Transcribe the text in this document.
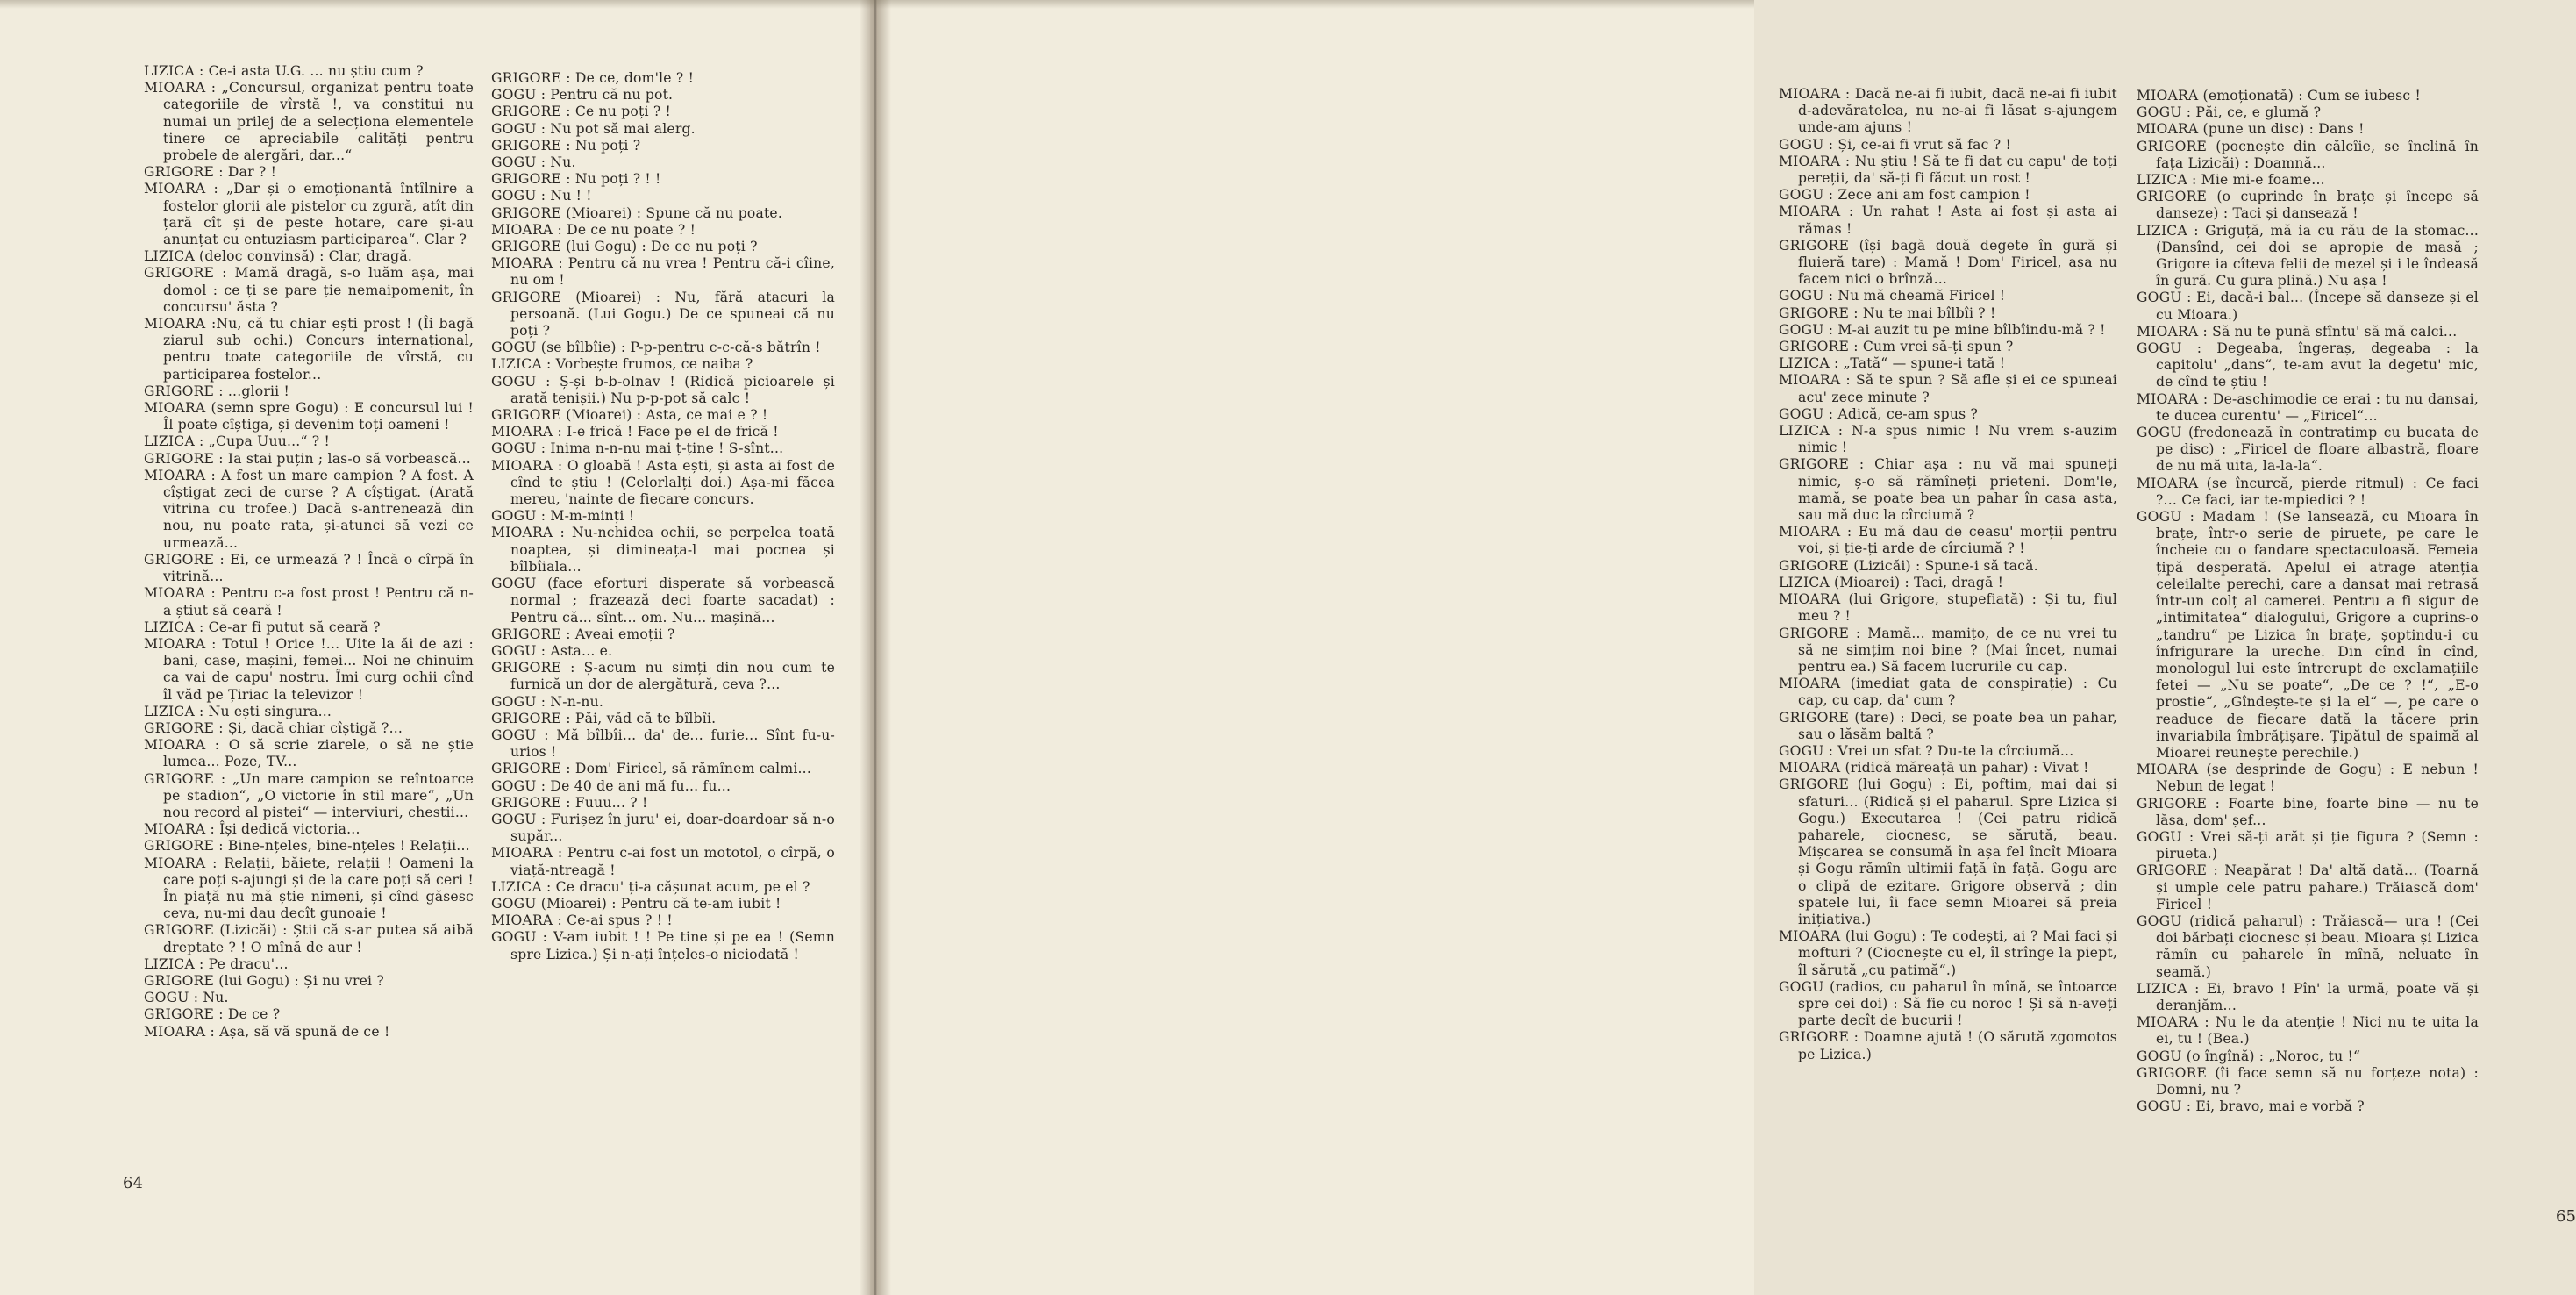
LIZICA : Ce-i asta U.G. ... nu știu cum ?

MIOARA : „Concursul, organizat pentru toate categoriile de vîrstă !, va constitui nu numai un prilej de a selecționa elementele tinere ce apreciabile calități pentru probele de alergări, dar...“

GRIGORE : Dar ? !

MIOARA : „Dar și o emoționantă întîlnire a fostelor glorii ale pistelor cu zgură, atît din țară cît și de peste hotare, care și-au anunțat cu entuziasm participarea“. Clar ?

LIZICA (deloc convinsă) : Clar, dragă.

GRIGORE : Mamă dragă, s-o luăm așa, mai domol : ce ți se pare ție nemaipomenit, în concursu' ăsta ?

MIOARA :Nu, că tu chiar ești prost ! (Îi bagă ziarul sub ochi.) Concurs internațional, pentru toate categoriile de vîrstă, cu participarea fostelor...

GRIGORE : ...glorii !

MIOARA (semn spre Gogu) : E concursul lui ! Îl poate cîștiga, și devenim toți oameni !

LIZICA : „Cupa Uuu...“ ? !

GRIGORE : Ia stai puțin ; las-o să vorbească...

MIOARA : A fost un mare campion ? A fost. A cîștigat zeci de curse ? A cîștigat. (Arată vitrina cu trofee.) Dacă s-antrenează din nou, nu poate rata, și-atunci să vezi ce urmează...

GRIGORE : Ei, ce urmează ? ! Încă o cîrpă în vitrină...

MIOARA : Pentru c-a fost prost ! Pentru că n-a știut să ceară !

LIZICA : Ce-ar fi putut să ceară ?

MIOARA : Totul ! Orice !... Uite la ăi de azi : bani, case, mașini, femei... Noi ne chinuim ca vai de capu' nostru. Îmi curg ochii cînd îl văd pe Țiriac la televizor !

LIZICA : Nu ești singura...

GRIGORE : Și, dacă chiar cîștigă ?...

MIOARA : O să scrie ziarele, o să ne știe lumea... Poze, TV...

GRIGORE : „Un mare campion se reîntoarce pe stadion“, „O victorie în stil mare“, „Un nou record al pistei“ — interviuri, chestii...

MIOARA : Își dedică victoria...

GRIGORE : Bine-nțeles, bine-nțeles ! Relații...

MIOARA : Relații, băiete, relații ! Oameni la care poți s-ajungi și de la care poți să ceri ! În piață nu mă știe nimeni, și cînd găsesc ceva, nu-mi dau decît gunoaie !

GRIGORE (Lizicăi) : Știi că s-ar putea să aibă dreptate ? ! O mînă de aur !

LIZICA : Pe dracu'...

GRIGORE (lui Gogu) : Și nu vrei ?

GOGU : Nu.

GRIGORE : De ce ?

MIOARA : Așa, să vă spună de ce !

GRIGORE : De ce, dom'le ? !

GOGU : Pentru că nu pot.

GRIGORE : Ce nu poți ? !

GOGU : Nu pot să mai alerg.

GRIGORE : Nu poți ?

GOGU : Nu.

GRIGORE : Nu poți ? ! !

GOGU : Nu ! !

GRIGORE (Mioarei) : Spune că nu poate.

MIOARA : De ce nu poate ? !

GRIGORE (lui Gogu) : De ce nu poți ?

MIOARA : Pentru că nu vrea ! Pentru că-i cîine, nu om !

GRIGORE (Mioarei) : Nu, fără atacuri la persoană. (Lui Gogu.) De ce spuneai că nu poți ?

GOGU (se bîlbîie) : P-p-pentru c-c-că-s bătrîn !

LIZICA : Vorbește frumos, ce naiba ?

GOGU : Ș-și b-b-olnav ! (Ridică picioarele și arată tenișii.) Nu p-p-pot să calc !

GRIGORE (Mioarei) : Asta, ce mai e ? !

MIOARA : I-e frică ! Face pe el de frică !

GOGU : Inima n-n-nu mai ț-ține ! S-sînt...

MIOARA : O gloabă ! Asta ești, și asta ai fost de cînd te știu ! (Celorlalți doi.) Așa-mi făcea mereu, 'nainte de fiecare concurs.

GOGU : M-m-minți !

MIOARA : Nu-nchidea ochii, se perpelea toată noaptea, și dimineața-l mai pocnea și bîlbîiala...

GOGU (face eforturi disperate să vorbească normal ; frazează deci foarte sacadat) : Pentru că... sînt... om. Nu... mașină...

GRIGORE : Aveai emoții ?

GOGU : Asta... e.

GRIGORE : Ș-acum nu simți din nou cum te furnică un dor de alergătură, ceva ?...

GOGU : N-n-nu.

GRIGORE : Păi, văd că te bîlbîi.

GOGU : Mă bîlbîi... da' de... furie... Sînt fu-u-urios !

GRIGORE : Dom' Firicel, să rămînem calmi...

GOGU : De 40 de ani mă fu... fu...

GRIGORE : Fuuu... ? !

GOGU : Furișez în juru' ei, doar-doardoar să n-o supăr...

MIOARA : Pentru c-ai fost un mototol, o cîrpă, o viață-ntreagă !

LIZICA : Ce dracu' ți-a cășunat acum, pe el ?

GOGU (Mioarei) : Pentru că te-am iubit !

MIOARA : Ce-ai spus ? ! !

GOGU : V-am iubit ! ! Pe tine și pe ea ! (Semn spre Lizica.) Și n-ați înțeles-o niciodată !

64

MIOARA : Dacă ne-ai fi iubit, dacă ne-ai fi iubit d-adevăratelea, nu ne-ai fi lăsat s-ajungem unde-am ajuns !

GOGU : Și, ce-ai fi vrut să fac ? !

MIOARA : Nu știu ! Să te fi dat cu capu' de toți pereții, da' să-ți fi făcut un rost !

GOGU : Zece ani am fost campion !

MIOARA : Un rahat ! Asta ai fost și asta ai rămas !

GRIGORE (își bagă două degete în gură și fluieră tare) : Mamă ! Dom' Firicel, așa nu facem nici o brînză...

GOGU : Nu mă cheamă Firicel !

GRIGORE : Nu te mai bîlbîi ? !

GOGU : M-ai auzit tu pe mine bîlbîindu-mă ? !

GRIGORE : Cum vrei să-ți spun ?

LIZICA : „Tată“ — spune-i tată !

MIOARA : Să te spun ? Să afle și ei ce spuneai acu' zece minute ?

GOGU : Adică, ce-am spus ?

LIZICA : N-a spus nimic ! Nu vrem s-auzim nimic !

GRIGORE : Chiar așa : nu vă mai spuneți nimic, ș-o să rămîneți prieteni. Dom'le, mamă, se poate bea un pahar în casa asta, sau mă duc la cîrciumă ?

MIOARA : Eu mă dau de ceasu' morții pentru voi, și ție-ți arde de cîrciumă ? !

GRIGORE (Lizicăi) : Spune-i să tacă.

LIZICA (Mioarei) : Taci, dragă !

MIOARA (lui Grigore, stupefiată) : Și tu, fiul meu ? !

GRIGORE : Mamă... mamițo, de ce nu vrei tu să ne simțim noi bine ? (Mai încet, numai pentru ea.) Să facem lucrurile cu cap.

MIOARA (imediat gata de conspirație) : Cu cap, cu cap, da' cum ?

GRIGORE (tare) : Deci, se poate bea un pahar, sau o lăsăm baltă ?

GOGU : Vrei un sfat ? Du-te la cîrciumă...

MIOARA (ridică măreață un pahar) : Vivat !

GRIGORE (lui Gogu) : Ei, poftim, mai dai și sfaturi... (Ridică și el paharul. Spre Lizica și Gogu.) Executarea ! (Cei patru ridică paharele, ciocnesc, se sărută, beau. Mișcarea se consumă în așa fel încît Mioara și Gogu rămîn ultimii față în față. Gogu are o clipă de ezitare. Grigore observă ; din spatele lui, îi face semn Mioarei să preia inițiativa.)

MIOARA (lui Gogu) : Te codești, ai ? Mai faci și mofturi ? (Ciocnește cu el, îl strînge la piept, îl sărută „cu patimă“.)

GOGU (radios, cu paharul în mînă, se întoarce spre cei doi) : Să fie cu noroc ! Și să n-aveți parte decît de bucurii !

GRIGORE : Doamne ajută ! (O sărută zgomotos pe Lizica.)

MIOARA (emoționată) : Cum se iubesc !

GOGU : Păi, ce, e glumă ?

MIOARA (pune un disc) : Dans !

GRIGORE (pocnește din călcîie, se înclină în fața Lizicăi) : Doamnă...

LIZICA : Mie mi-e foame...

GRIGORE (o cuprinde în brațe și începe să danseze) : Taci și dansează !

LIZICA : Griguță, mă ia cu rău de la stomac... (Dansînd, cei doi se apropie de masă ; Grigore ia cîteva felii de mezel și i le îndeasă în gură. Cu gura plină.) Nu așa !

GOGU : Ei, dacă-i bal... (Începe să danseze și el cu Mioara.)

MIOARA : Să nu te pună sfîntu' să mă calci...

GOGU : Degeaba, îngeraș, degeaba : la capitolu' „dans“, te-am avut la degetu' mic, de cînd te știu !

MIOARA : De-aschimodie ce erai : tu nu dansai, te ducea curentu' — „Firicel“...

GOGU (fredonează în contratimp cu bucata de pe disc) : „Firicel de floare albastră, floare de nu mă uita, la-la-la“.

MIOARA (se încurcă, pierde ritmul) : Ce faci ?... Ce faci, iar te-mpiedici ? !

GOGU : Madam ! (Se lansează, cu Mioara în brațe, într-o serie de piruete, pe care le încheie cu o fandare spectaculoasă. Femeia țipă desperată. Apelul ei atrage atenția celeilalte perechi, care a dansat mai retrasă într-un colț al camerei. Pentru a fi sigur de „intimitatea“ dialogului, Grigore a cuprins-o „tandru“ pe Lizica în brațe, șoptindu-i cu înfrigurare la ureche. Din cînd în cînd, monologul lui este întrerupt de exclamațiile fetei — „Nu se poate“, „De ce ? !“, „E-o prostie“, „Gîndește-te și la el“ —, pe care o readuce de fiecare dată la tăcere prin invariabila îmbrățișare. Țipătul de spaimă al Mioarei reunește perechile.)

MIOARA (se desprinde de Gogu) : E nebun ! Nebun de legat !

GRIGORE : Foarte bine, foarte bine — nu te lăsa, dom' șef...

GOGU : Vrei să-ți arăt și ție figura ? (Semn : pirueta.)

GRIGORE : Neapărat ! Da' altă dată... (Toarnă și umple cele patru pahare.) Trăiască dom' Firicel !

GOGU (ridică paharul) : Trăiască— ura ! (Cei doi bărbați ciocnesc și beau. Mioara și Lizica rămîn cu paharele în mînă, neluate în seamă.)

LIZICA : Ei, bravo ! Pîn' la urmă, poate vă și deranjăm...

MIOARA : Nu le da atenție ! Nici nu te uita la ei, tu ! (Bea.)

GOGU (o îngînă) : „Noroc, tu !“

GRIGORE (îi face semn să nu forțeze nota) : Domni, nu ?

GOGU : Ei, bravo, mai e vorbă ?

65
